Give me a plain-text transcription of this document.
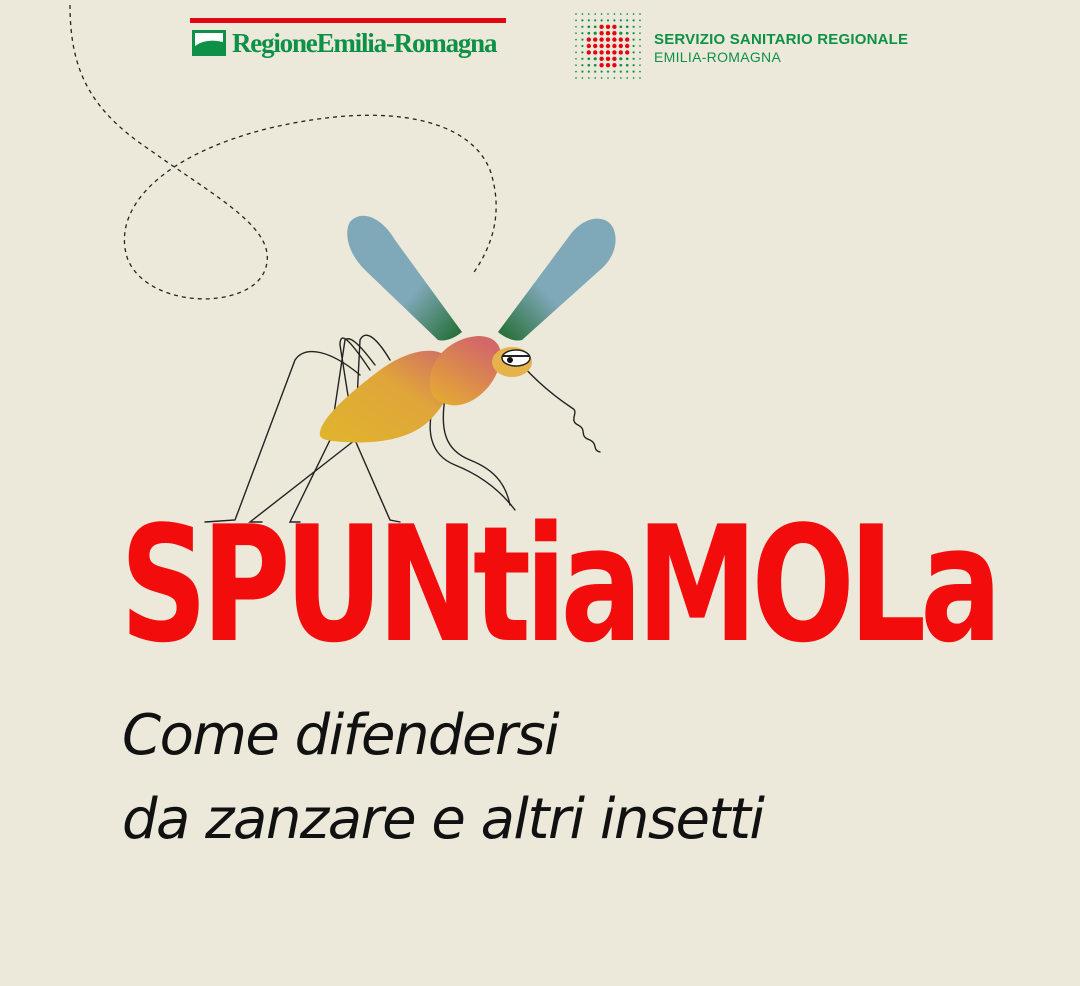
RegioneEmilia-Romagna	SERVIZIO SANITARIO REGIONALE
EMILIA-ROMAGNA
SPUNtiaMOLa
Come difendersi
da zanzare e altri insetti
